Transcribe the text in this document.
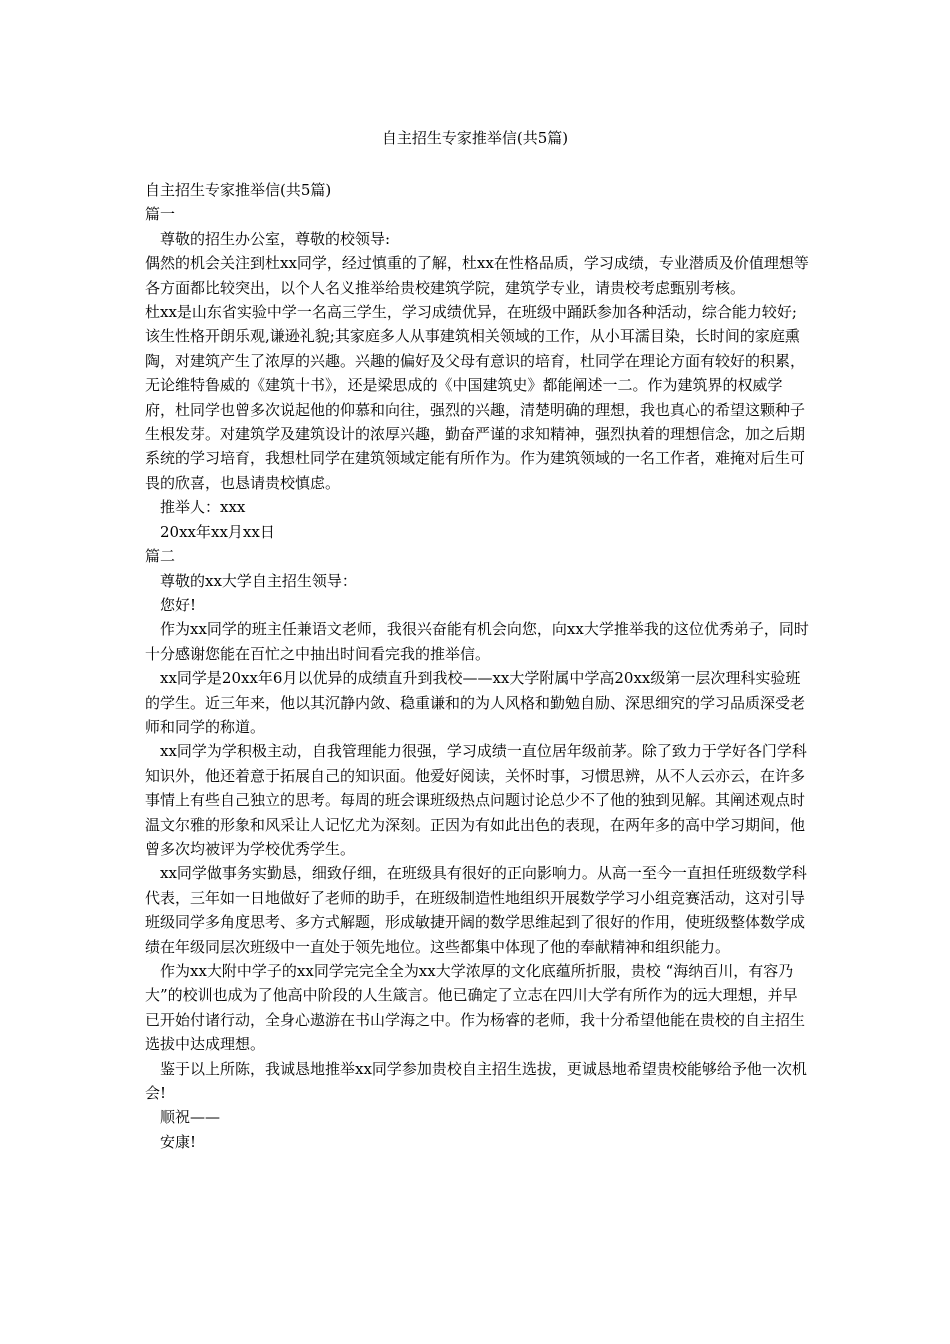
自主招生专家推举信(共5篇)

自主招生专家推举信(共5篇)

篇一

尊敬的招生办公室，尊敬的校领导:

偶然的机会关注到杜xx同学，经过慎重的了解，杜xx在性格品质，学习成绩，专业潜质及价值理想等各方面都比较突出，以个人名义推举给贵校建筑学院，建筑学专业，请贵校考虑甄别考核。

杜xx是山东省实验中学一名高三学生，学习成绩优异，在班级中踊跃参加各种活动，综合能力较好;该生性格开朗乐观,谦逊礼貌;其家庭多人从事建筑相关领域的工作，从小耳濡目染，长时间的家庭熏陶，对建筑产生了浓厚的兴趣。兴趣的偏好及父母有意识的培育，杜同学在理论方面有较好的积累，无论维特鲁威的《建筑十书》，还是梁思成的《中国建筑史》都能阐述一二。作为建筑界的权威学府，杜同学也曾多次说起他的仰慕和向往，强烈的兴趣，清楚明确的理想，我也真心的希望这颗种子生根发芽。对建筑学及建筑设计的浓厚兴趣，勤奋严谨的求知精神，强烈执着的理想信念，加之后期系统的学习培育，我想杜同学在建筑领域定能有所作为。作为建筑领域的一名工作者，难掩对后生可畏的欣喜，也恳请贵校慎虑。

推举人：xxx

20xx年xx月xx日

篇二

尊敬的xx大学自主招生领导：

您好!

作为xx同学的班主任兼语文老师，我很兴奋能有机会向您，向xx大学推举我的这位优秀弟子，同时十分感谢您能在百忙之中抽出时间看完我的推举信。

xx同学是20xx年6月以优异的成绩直升到我校——xx大学附属中学高20xx级第一层次理科实验班的学生。近三年来，他以其沉静内敛、稳重谦和的为人风格和勤勉自励、深思细究的学习品质深受老师和同学的称道。

xx同学为学积极主动，自我管理能力很强，学习成绩一直位居年级前茅。除了致力于学好各门学科知识外，他还着意于拓展自己的知识面。他爱好阅读，关怀时事，习惯思辨，从不人云亦云，在许多事情上有些自己独立的思考。每周的班会课班级热点问题讨论总少不了他的独到见解。其阐述观点时温文尔雅的形象和风采让人记忆尤为深刻。正因为有如此出色的表现，在两年多的高中学习期间，他曾多次均被评为学校优秀学生。

xx同学做事务实勤恳，细致仔细，在班级具有很好的正向影响力。从高一至今一直担任班级数学科代表，三年如一日地做好了老师的助手，在班级制造性地组织开展数学学习小组竞赛活动，这对引导班级同学多角度思考、多方式解题，形成敏捷开阔的数学思维起到了很好的作用，使班级整体数学成绩在年级同层次班级中一直处于领先地位。这些都集中体现了他的奉献精神和组织能力。

作为xx大附中学子的xx同学完完全全为xx大学浓厚的文化底蕴所折服，贵校 “海纳百川，有容乃大”的校训也成为了他高中阶段的人生箴言。他已确定了立志在四川大学有所作为的远大理想，并早已开始付诸行动，全身心遨游在书山学海之中。作为杨睿的老师，我十分希望他能在贵校的自主招生选拔中达成理想。

鉴于以上所陈，我诚恳地推举xx同学参加贵校自主招生选拔，更诚恳地希望贵校能够给予他一次机会!

顺祝——

安康!
